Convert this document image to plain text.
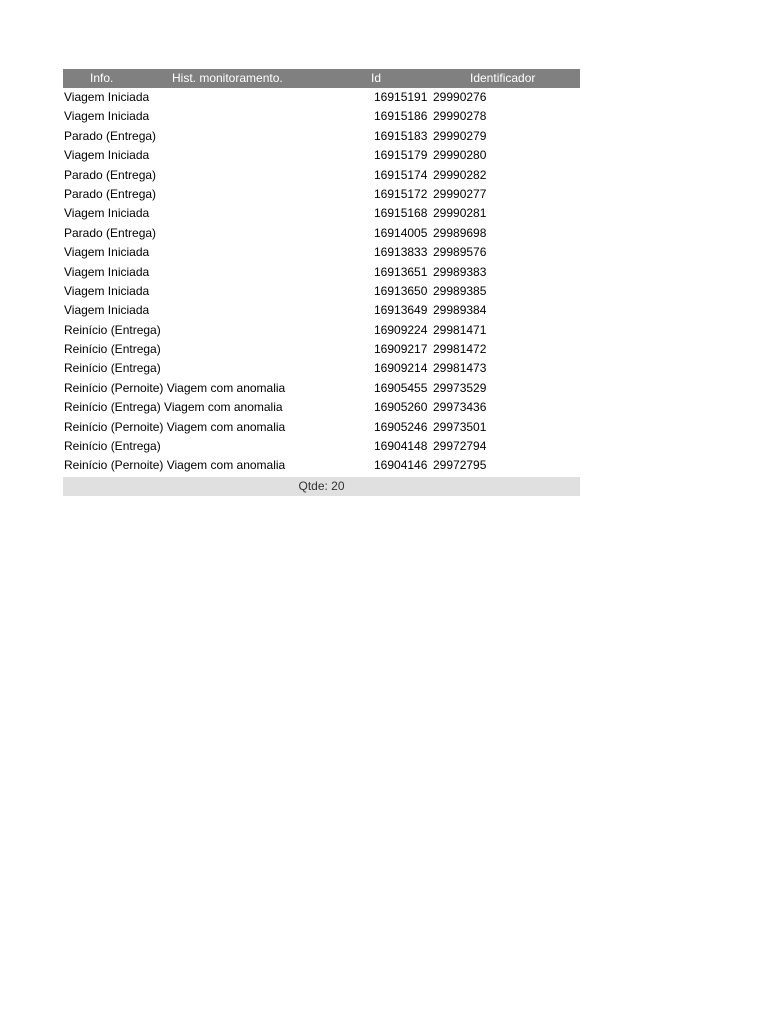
Info.	Hist. monitoramento.	Id	Identificador
Viagem Iniciada	16915191 29990276
Viagem Iniciada	16915186 29990278
Parado (Entrega)	16915183 29990279
Viagem Iniciada	16915179 29990280
Parado (Entrega)	16915174 29990282
Parado (Entrega)	16915172 29990277
Viagem Iniciada	16915168 29990281
Parado (Entrega)	16914005 29989698
Viagem Iniciada	16913833 29989576
Viagem Iniciada	16913651 29989383
Viagem Iniciada	16913650 29989385
Viagem Iniciada	16913649 29989384
Reinício (Entrega)	16909224 29981471
Reinício (Entrega)	16909217 29981472
Reinício (Entrega)	16909214 29981473
Reinício (Pernoite) Viagem com anomalia	16905455 29973529
Reinício (Entrega) Viagem com anomalia	16905260 29973436
Reinício (Pernoite) Viagem com anomalia	16905246 29973501
Reinício (Entrega)	16904148 29972794
Reinício (Pernoite) Viagem com anomalia	16904146 29972795
Qtde: 20
